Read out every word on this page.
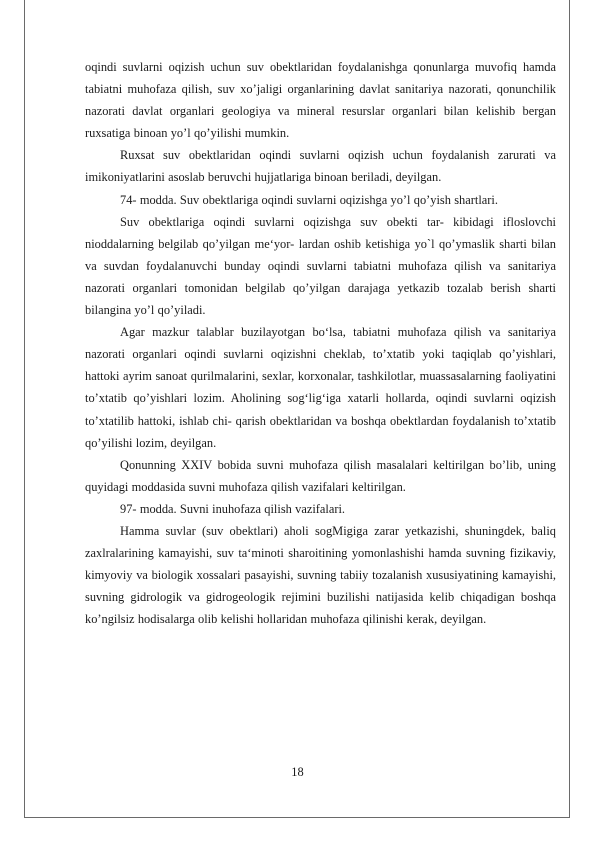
oqindi suvlarni oqizish uchun suv obektlaridan foydalanishga qonunlarga muvofiq hamda tabiatni muhofaza qilish, suv xo’jaligi organlarining davlat sanitariya nazorati, qonunchilik nazorati davlat organlari geologiya va mineral resurslar organlari bilan kelishib bergan ruxsatiga binoan yo’l qo’yilishi mumkin.

Ruxsat suv obektlaridan oqindi suvlarni oqizish uchun foydalanish zarurati va imikoniyatlarini asoslab beruvchi hujjatlariga binoan beriladi, deyilgan.

74- modda. Suv obektlariga oqindi suvlarni oqizishga yo’l qo’yish shartlari.

Suv obektlariga oqindi suvlarni oqizishga suv obekti tar- kibidagi ifloslovchi nioddalarning belgilab qo’yilgan me‘yor- lardan oshib ketishiga yo`l qo’ymaslik sharti bilan va suvdan foydalanuvchi bunday oqindi suvlarni tabiatni muhofaza qilish va sanitariya nazorati organlari tomonidan belgilab qo’yilgan darajaga yetkazib tozalab berish sharti bilangina yo’l qo’yiladi.

Agar mazkur talablar buzilayotgan bo‘lsa, tabiatni muhofaza qilish va sanitariya nazorati organlari oqindi suvlarni oqizishni cheklab, to’xtatib yoki taqiqlab qo’yishlari, hattoki ayrim sanoat qurilmalarini, sexlar, korxonalar, tashkilotlar, muassasalarning faoliyatini to’xtatib qo’yishlari lozim. Aholining sog‘lig‘iga xatarli hollarda, oqindi suvlarni oqizish to’xtatilib hattoki, ishlab chi- qarish obektlaridan va boshqa obektlardan foydalanish to’xtatib qo’yilishi lozim, deyilgan.

Qonunning XXIV bobida suvni muhofaza qilish masalalari keltirilgan bo’lib, uning quyidagi moddasida suvni muhofaza qilish vazifalari keltirilgan.

97- modda. Suvni inuhofaza qilish vazifalari.

Hamma suvlar (suv obektlari) aholi sogMigiga zarar yetkazishi, shuningdek, baliq zaxlralarining kamayishi, suv ta‘minoti sharoitining yomonlashishi hamda suvning fizikaviy, kimyoviy va biologik xossalari pasayishi, suvning tabiiy tozalanish xususiyatining kamayishi, suvning gidrologik va gidrogeologik rejimini buzilishi natijasida kelib chiqadigan boshqa ko’ngilsiz hodisalarga olib kelishi hollaridan muhofaza qilinishi kerak, deyilgan.

18
